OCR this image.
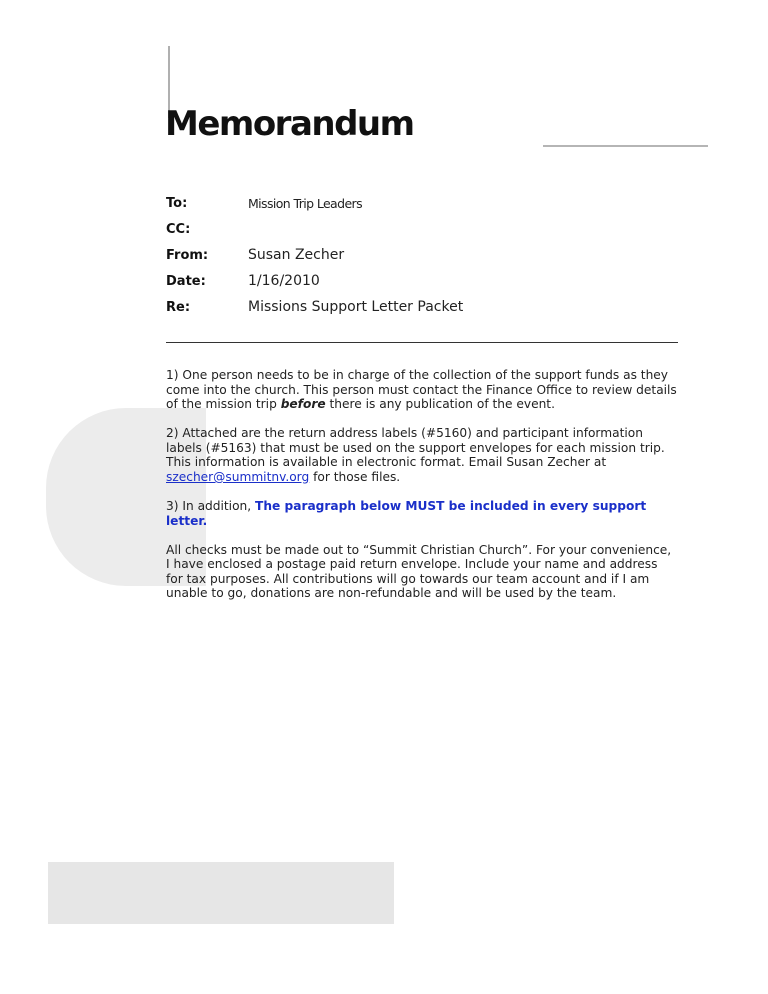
Memorandum
To:	Mission Trip Leaders
CC:
From:	Susan Zecher
Date:	1/16/2010
Re:	Missions Support Letter Packet

1) One person needs to be in charge of the collection of the support funds as they come into the church. This person must contact the Finance Office to review details of the mission trip before there is any publication of the event.

2) Attached are the return address labels (#5160) and participant information labels (#5163) that must be used on the support envelopes for each mission trip.
This information is available in electronic format. Email Susan Zecher at
szecher@summitnv.org for those files.

3) In addition, The paragraph below MUST be included in every support letter.

All checks must be made out to “Summit Christian Church”. For your convenience, I have enclosed a postage paid return envelope. Include your name and address for tax purposes. All contributions will go towards our team account and if I am unable to go, donations are non-refundable and will be used by the team.
